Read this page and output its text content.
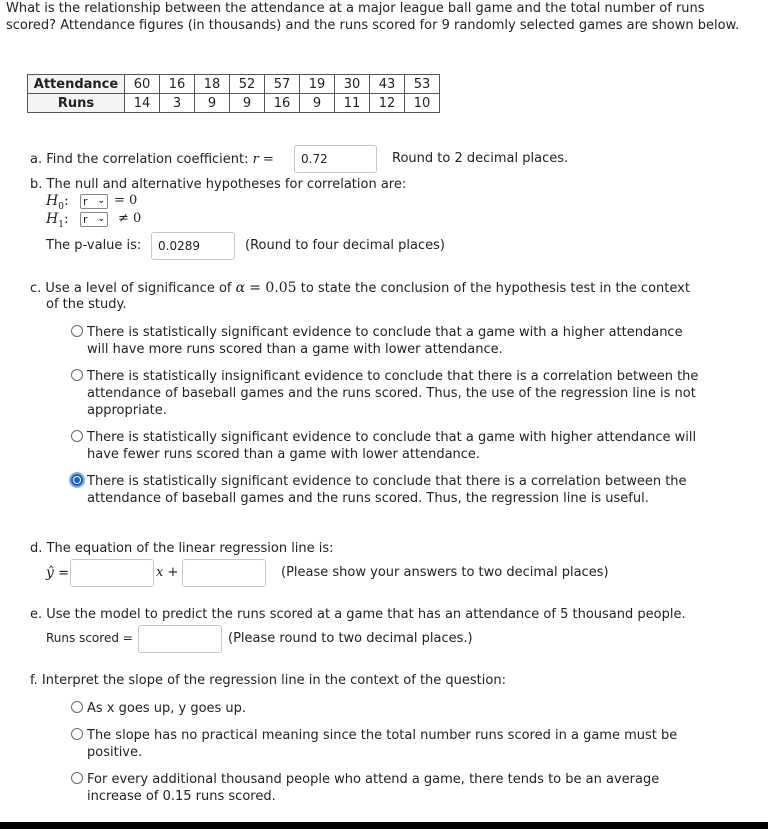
What is the relationship between the attendance at a major league ball game and the total number of runs scored? Attendance figures (in thousands) and the runs scored for 9 randomly selected games are shown below.
Attendance	60	16	18	52	57	19	30	43	53
Runs	14	3	9	9	16	9	11	12	10
a. Find the correlation coefficient: r =	0.72	Round to 2 decimal places.
b. The null and alternative hypotheses for correlation are:
$H_0$: r ⌄ = 0
$H_1$: r ⌄ ≠ 0
The p-value is:	0.0289	(Round to four decimal places)
c. Use a level of significance of α = 0.05 to state the conclusion of the hypothesis test in the context
of the study.
There is statistically significant evidence to conclude that a game with a higher attendance
will have more runs scored than a game with lower attendance.
There is statistically insignificant evidence to conclude that there is a correlation between the
attendance of baseball games and the runs scored. Thus, the use of the regression line is not
appropriate.
There is statistically significant evidence to conclude that a game with higher attendance will
have fewer runs scored than a game with lower attendance.
There is statistically significant evidence to conclude that there is a correlation between the
attendance of baseball games and the runs scored. Thus, the regression line is useful.
d. The equation of the linear regression line is:
ŷ =	x +	(Please show your answers to two decimal places)
e. Use the model to predict the runs scored at a game that has an attendance of 5 thousand people.
Runs scored =	(Please round to two decimal places.)
f. Interpret the slope of the regression line in the context of the question:
As x goes up, y goes up.
The slope has no practical meaning since the total number runs scored in a game must be
positive.
For every additional thousand people who attend a game, there tends to be an average
increase of 0.15 runs scored.
